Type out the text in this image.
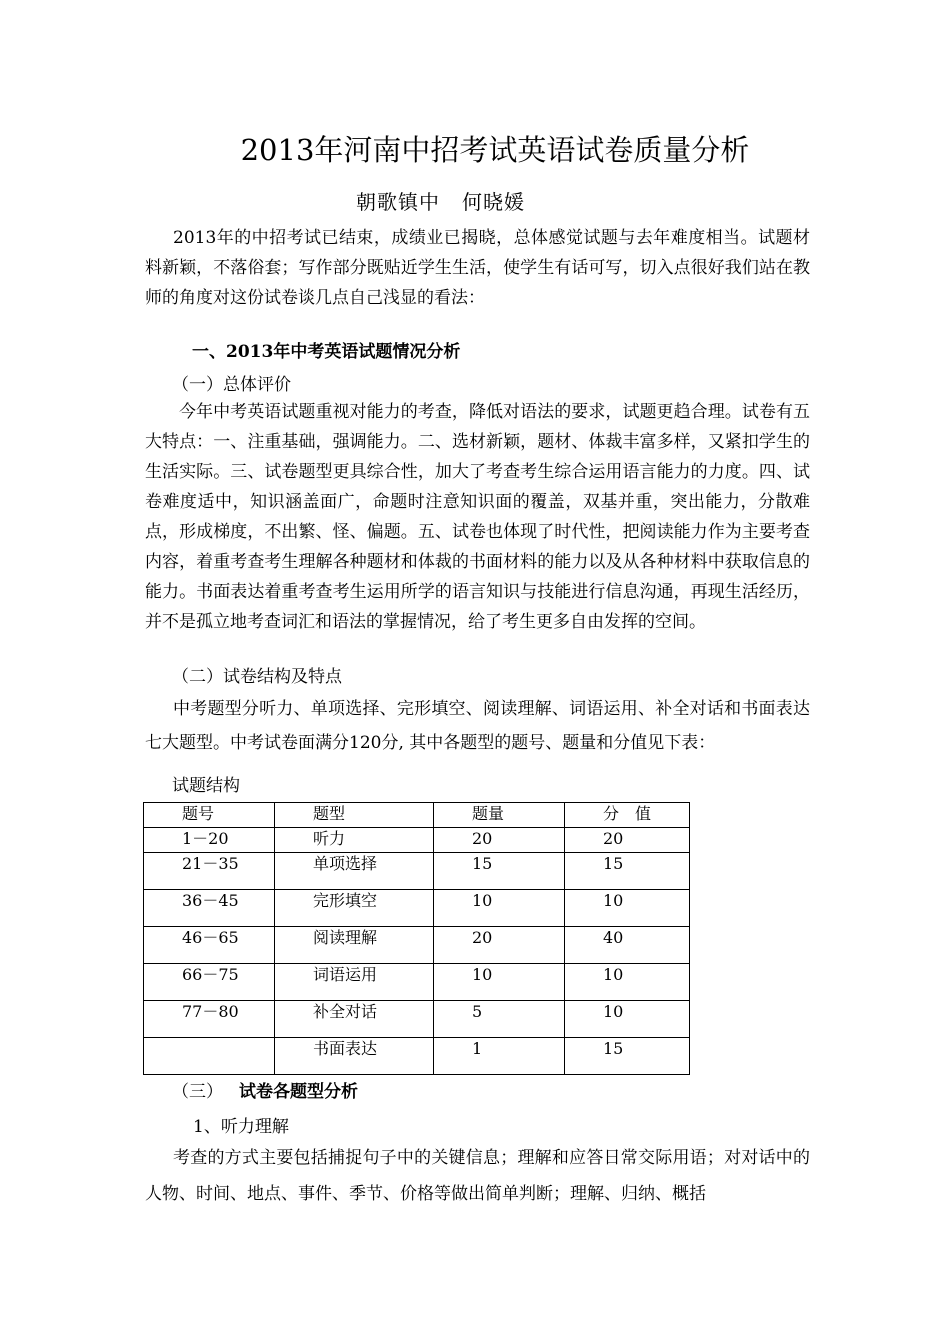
2013年河南中招考试英语试卷质量分析
朝歌镇中 何晓媛
2013年的中招考试已结束，成绩业已揭晓，总体感觉试题与去年难度相当。试题材料新颖，不落俗套；写作部分既贴近学生生活，使学生有话可写，切入点很好我们站在教师的角度对这份试卷谈几点自己浅显的看法：
一、2013年中考英语试题情况分析
（一）总体评价
今年中考英语试题重视对能力的考查，降低对语法的要求，试题更趋合理。试卷有五大特点：一、注重基础，强调能力。二、选材新颖，题材、体裁丰富多样，又紧扣学生的生活实际。三、试卷题型更具综合性，加大了考查考生综合运用语言能力的力度。四、试卷难度适中，知识涵盖面广，命题时注意知识面的覆盖，双基并重，突出能力，分散难点，形成梯度，不出繁、怪、偏题。五、试卷也体现了时代性，把阅读能力作为主要考查内容，着重考查考生理解各种题材和体裁的书面材料的能力以及从各种材料中获取信息的能力。书面表达着重考查考生运用所学的语言知识与技能进行信息沟通，再现生活经历，并不是孤立地考查词汇和语法的掌握情况，给了考生更多自由发挥的空间。
（二）试卷结构及特点
中考题型分听力、单项选择、完形填空、阅读理解、词语运用、补全对话和书面表达七大题型。中考试卷面满分120分, 其中各题型的题号、题量和分值见下表：
试题结构
题号	题型	题量	分　值
1－20	听力	20	20
21－35	单项选择	15	15
36－45	完形填空	10	10
46－65	阅读理解	20	40
66－75	词语运用	10	10
77－80	补全对话	5	10
	书面表达	1	15
（三） 试卷各题型分析
1、听力理解
考查的方式主要包括捕捉句子中的关键信息；理解和应答日常交际用语；对对话中的人物、时间、地点、事件、季节、价格等做出简单判断；理解、归纳、概括
